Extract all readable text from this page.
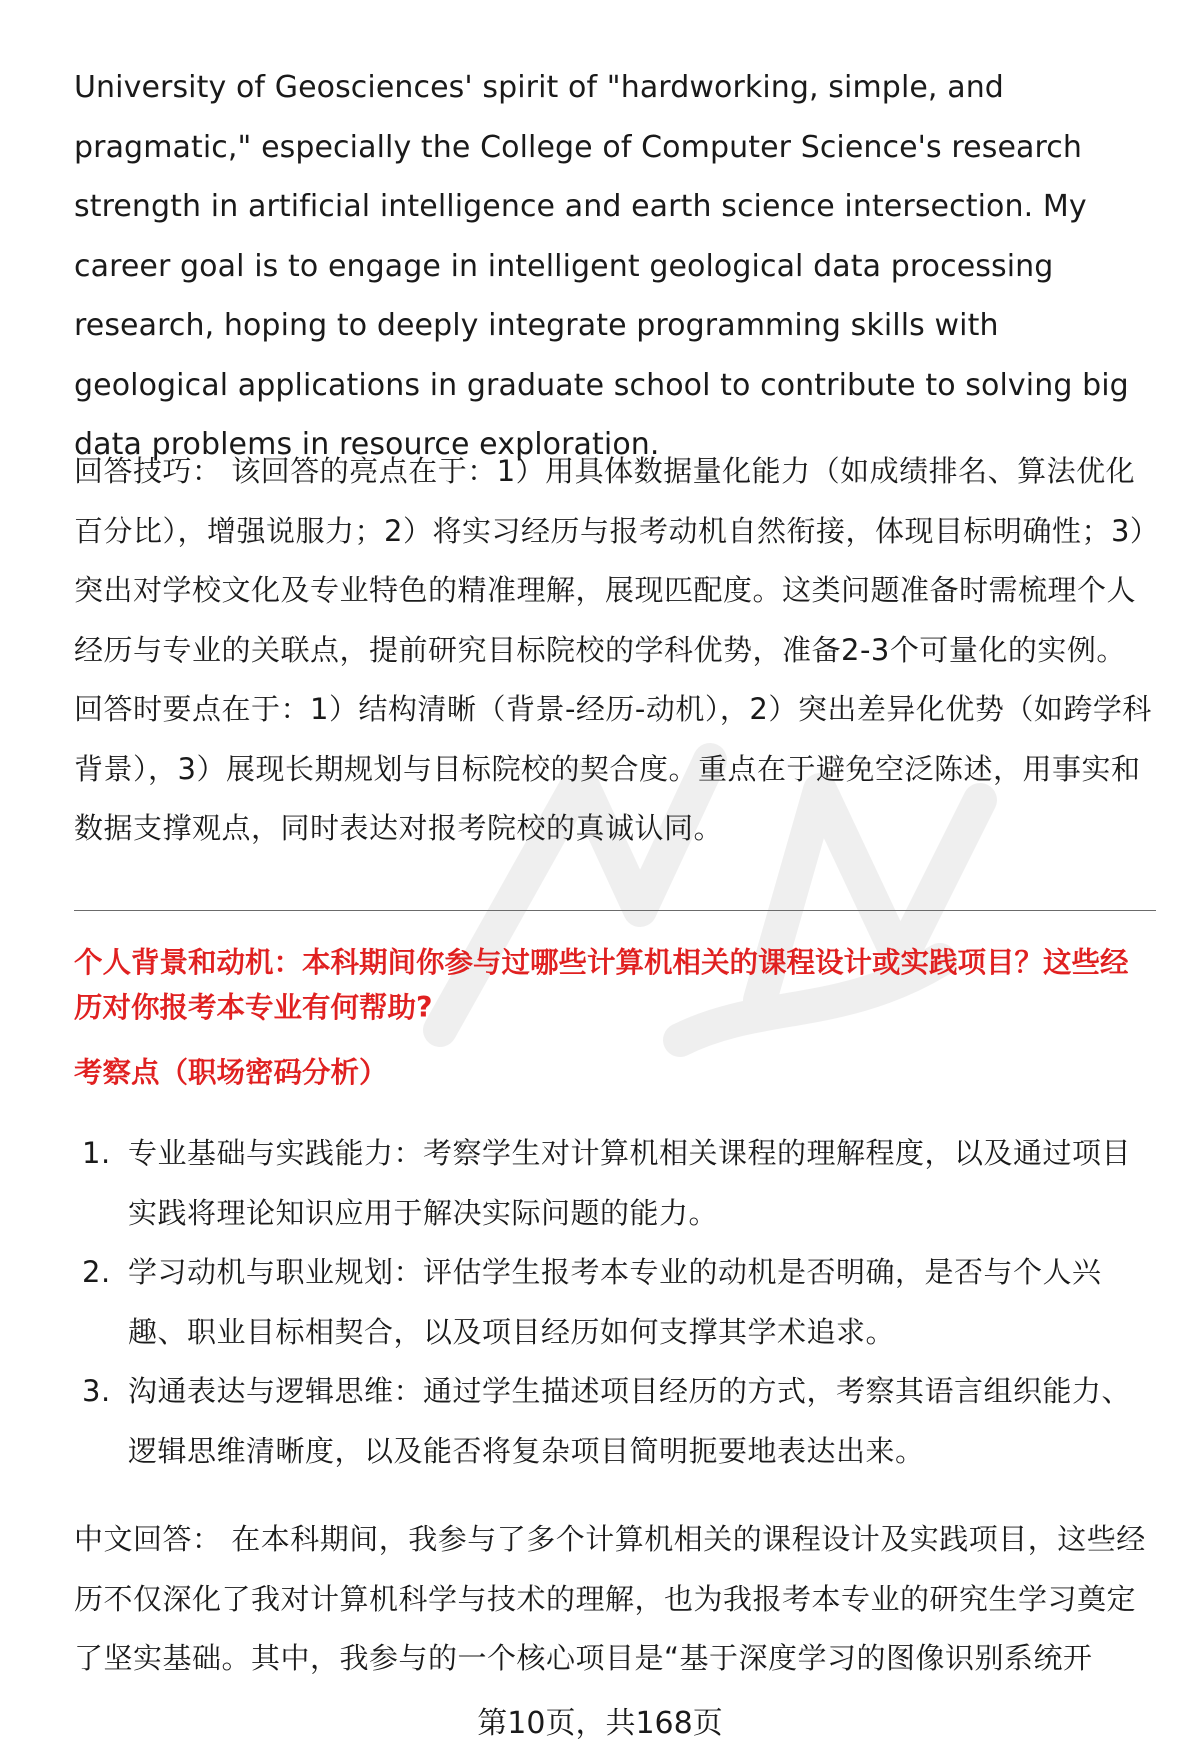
University of Geosciences' spirit of "hardworking, simple, and pragmatic," especially the College of Computer Science's research strength in artificial intelligence and earth science intersection. My career goal is to engage in intelligent geological data processing research, hoping to deeply integrate programming skills with geological applications in graduate school to contribute to solving big data problems in resource exploration.
回答技巧： 该回答的亮点在于：1）用具体数据量化能力（如成绩排名、算法优化百分比），增强说服力；2）将实习经历与报考动机自然衔接，体现目标明确性；3）突出对学校文化及专业特色的精准理解，展现匹配度。这类问题准备时需梳理个人经历与专业的关联点，提前研究目标院校的学科优势，准备2-3个可量化的实例。回答时要点在于：1）结构清晰（背景-经历-动机），2）突出差异化优势（如跨学科背景），3）展现长期规划与目标院校的契合度。重点在于避免空泛陈述，用事实和数据支撑观点，同时表达对报考院校的真诚认同。
个人背景和动机：本科期间你参与过哪些计算机相关的课程设计或实践项目？这些经历对你报考本专业有何帮助?
考察点（职场密码分析）
1. 专业基础与实践能力：考察学生对计算机相关课程的理解程度，以及通过项目实践将理论知识应用于解决实际问题的能力。
2. 学习动机与职业规划：评估学生报考本专业的动机是否明确，是否与个人兴趣、职业目标相契合，以及项目经历如何支撑其学术追求。
3. 沟通表达与逻辑思维：通过学生描述项目经历的方式，考察其语言组织能力、逻辑思维清晰度，以及能否将复杂项目简明扼要地表达出来。
中文回答： 在本科期间，我参与了多个计算机相关的课程设计及实践项目，这些经历不仅深化了我对计算机科学与技术的理解，也为我报考本专业的研究生学习奠定了坚实基础。其中，我参与的一个核心项目是“基于深度学习的图像识别系统开
第10页，共168页
